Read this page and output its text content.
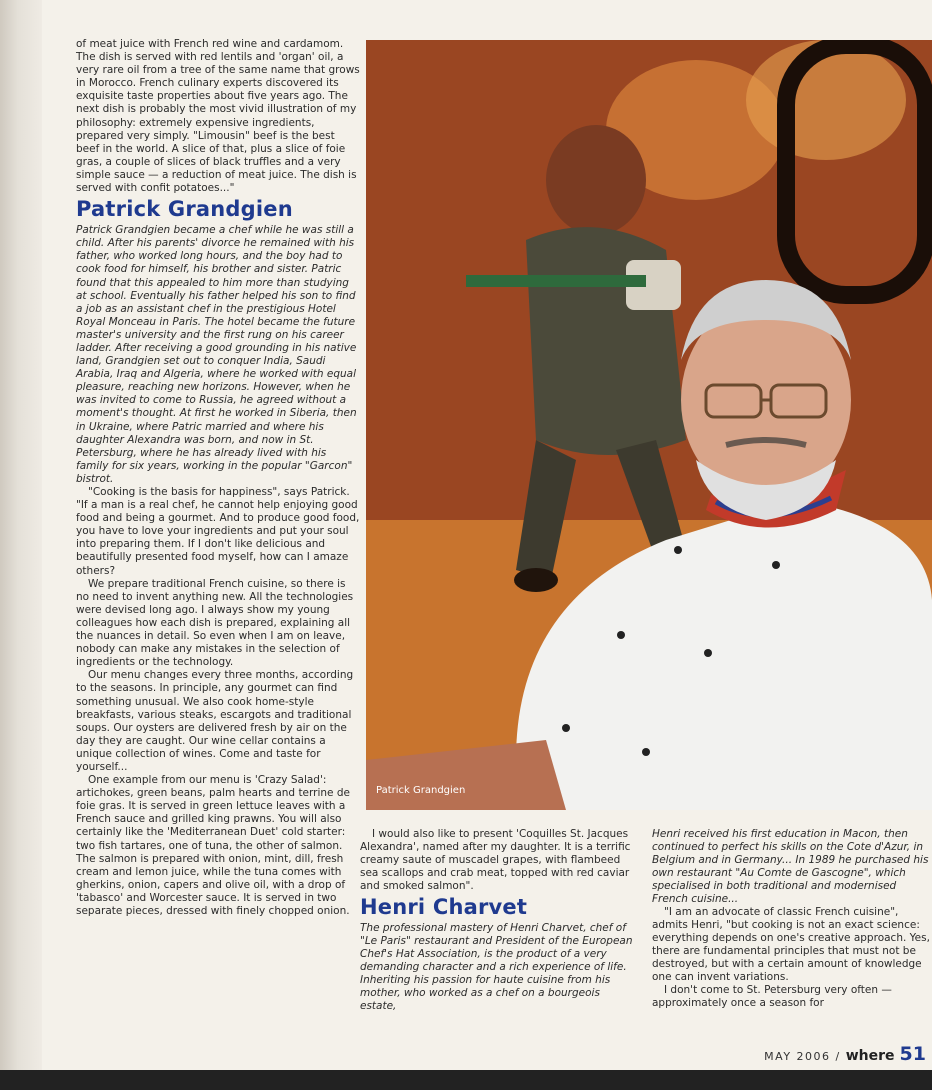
of meat juice with French red wine and cardamom. The dish is served with red lentils and 'organ' oil, a very rare oil from a tree of the same name that grows in Morocco. French culinary experts discovered its exquisite taste properties about five years ago. The next dish is probably the most vivid illustration of my philosophy: extremely expensive ingredients, prepared very simply. "Limousin" beef is the best beef in the world. A slice of that, plus a slice of foie gras, a couple of slices of black truffles and a very simple sauce — a reduction of meat juice. The dish is served with confit potatoes..."

Patrick Grandgien

Patrick Grandgien became a chef while he was still a child. After his parents' divorce he remained with his father, who worked long hours, and the boy had to cook food for himself, his brother and sister. Patric found that this appealed to him more than studying at school. Eventually his father helped his son to find a job as an assistant chef in the prestigious Hotel Royal Monceau in Paris. The hotel became the future master's university and the first rung on his career ladder. After receiving a good grounding in his native land, Grandgien set out to conquer India, Saudi Arabia, Iraq and Algeria, where he worked with equal pleasure, reaching new horizons. However, when he was invited to come to Russia, he agreed without a moment's thought. At first he worked in Siberia, then in Ukraine, where Patric married and where his daughter Alexandra was born, and now in St. Petersburg, where he has already lived with his family for six years, working in the popular "Garcon" bistrot.

"Cooking is the basis for happiness", says Patrick. "If a man is a real chef, he cannot help enjoying good food and being a gourmet. And to produce good food, you have to love your ingredients and put your soul into preparing them. If I don't like delicious and beautifully presented food myself, how can I amaze others?

We prepare traditional French cuisine, so there is no need to invent anything new. All the technologies were devised long ago. I always show my young colleagues how each dish is prepared, explaining all the nuances in detail. So even when I am on leave, nobody can make any mistakes in the selection of ingredients or the technology.

Our menu changes every three months, according to the seasons. In principle, any gourmet can find something unusual. We also cook home-style breakfasts, various steaks, escargots and traditional soups. Our oysters are delivered fresh by air on the day they are caught. Our wine cellar contains a unique collection of wines. Come and taste for yourself...

One example from our menu is 'Crazy Salad': artichokes, green beans, palm hearts and terrine de foie gras. It is served in green lettuce leaves with a French sauce and grilled king prawns. You will also certainly like the 'Mediterranean Duet' cold starter: two fish tartares, one of tuna, the other of salmon. The salmon is prepared with onion, mint, dill, fresh cream and lemon juice, while the tuna comes with gherkins, onion, capers and olive oil, with a drop of 'tabasco' and Worcester sauce. It is served in two separate pieces, dressed with finely chopped onion.

Patrick Grandgien

I would also like to present 'Coquilles St. Jacques Alexandra', named after my daughter. It is a terrific creamy saute of muscadel grapes, with flambeed sea scallops and crab meat, topped with red caviar and smoked salmon".

Henri Charvet

The professional mastery of Henri Charvet, chef of "Le Paris" restaurant and President of the European Chef's Hat Association, is the product of a very demanding character and a rich experience of life. Inheriting his passion for haute cuisine from his mother, who worked as a chef on a bourgeois estate,

Henri received his first education in Macon, then continued to perfect his skills on the Cote d'Azur, in Belgium and in Germany... In 1989 he purchased his own restaurant "Au Comte de Gascogne", which specialised in both traditional and modernised French cuisine...

"I am an advocate of classic French cuisine", admits Henri, "but cooking is not an exact science: everything depends on one's creative approach. Yes, there are fundamental principles that must not be destroyed, but with a certain amount of knowledge one can invent variations.

I don't come to St. Petersburg very often — approximately once a season for

MAY 2006 / where 51
